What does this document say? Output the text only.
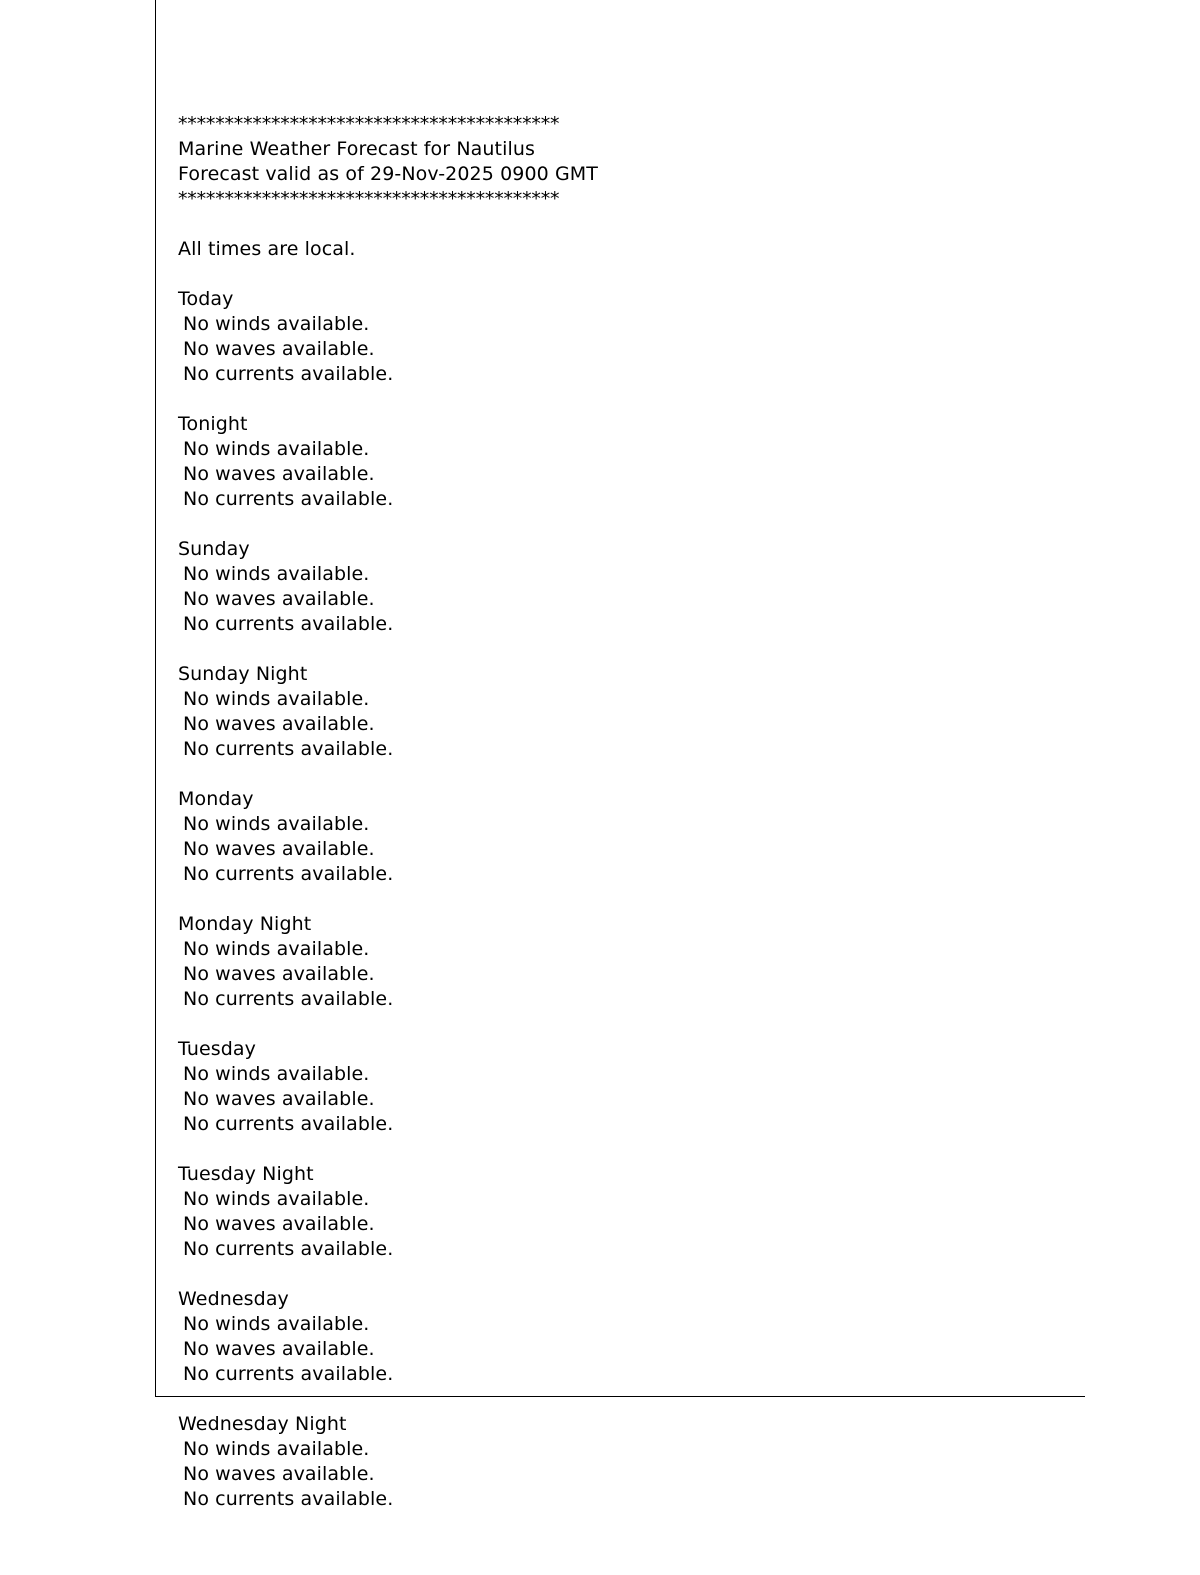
*****************************************
Marine Weather Forecast for Nautilus
Forecast valid as of 29-Nov-2025 0900 GMT
*****************************************
All times are local.
Today
No winds available.
No waves available.
No currents available.
Tonight
No winds available.
No waves available.
No currents available.
Sunday
No winds available.
No waves available.
No currents available.
Sunday Night
No winds available.
No waves available.
No currents available.
Monday
No winds available.
No waves available.
No currents available.
Monday Night
No winds available.
No waves available.
No currents available.
Tuesday
No winds available.
No waves available.
No currents available.
Tuesday Night
No winds available.
No waves available.
No currents available.
Wednesday
No winds available.
No waves available.
No currents available.
Wednesday Night
No winds available.
No waves available.
No currents available.
